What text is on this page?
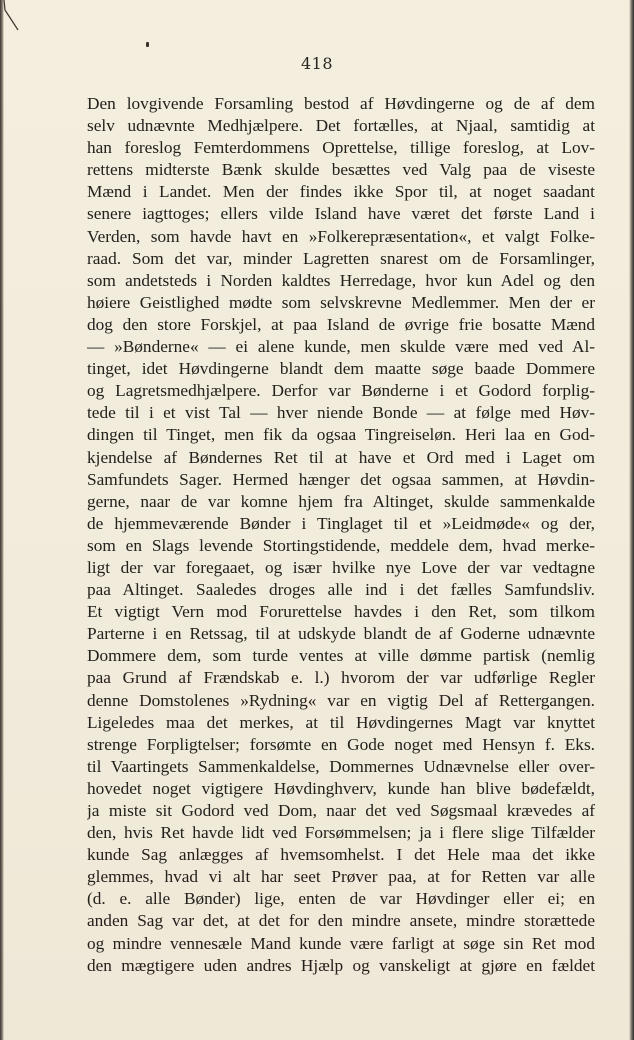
418
Den lovgivende Forsamling bestod af Høvdingerne og de af dem
selv udnævnte Medhjælpere. Det fortælles, at Njaal, samtidig at
han foreslog Femterdommens Oprettelse, tillige foreslog, at Lov-
rettens midterste Bænk skulde besættes ved Valg paa de viseste
Mænd i Landet. Men der findes ikke Spor til, at noget saadant
senere iagttoges; ellers vilde Island have været det første Land i
Verden, som havde havt en »Folkerepræsentation«, et valgt Folke-
raad. Som det var, minder Lagretten snarest om de Forsamlinger,
som andetsteds i Norden kaldtes Herredage, hvor kun Adel og den
høiere Geistlighed mødte som selvskrevne Medlemmer. Men der er
dog den store Forskjel, at paa Island de øvrige frie bosatte Mænd
— »Bønderne« — ei alene kunde, men skulde være med ved Al-
tinget, idet Høvdingerne blandt dem maatte søge baade Dommere
og Lagretsmedhjælpere. Derfor var Bønderne i et Godord forplig-
tede til i et vist Tal — hver niende Bonde — at følge med Høv-
dingen til Tinget, men fik da ogsaa Tingreiseløn. Heri laa en God-
kjendelse af Bøndernes Ret til at have et Ord med i Laget om
Samfundets Sager. Hermed hænger det ogsaa sammen, at Høvdin-
gerne, naar de var komne hjem fra Altinget, skulde sammenkalde
de hjemmeværende Bønder i Tinglaget til et »Leidmøde« og der,
som en Slags levende Stortingstidende, meddele dem, hvad merke-
ligt der var foregaaet, og især hvilke nye Love der var vedtagne
paa Altinget. Saaledes droges alle ind i det fælles Samfundsliv.
Et vigtigt Vern mod Forurettelse havdes i den Ret, som tilkom
Parterne i en Retssag, til at udskyde blandt de af Goderne udnævnte
Dommere dem, som turde ventes at ville dømme partisk (nemlig
paa Grund af Frændskab e. l.) hvorom der var udførlige Regler
denne Domstolenes »Rydning« var en vigtig Del af Rettergangen.
Ligeledes maa det merkes, at til Høvdingernes Magt var knyttet
strenge Forpligtelser; forsømte en Gode noget med Hensyn f. Eks.
til Vaartingets Sammenkaldelse, Dommernes Udnævnelse eller over-
hovedet noget vigtigere Høvdinghverv, kunde han blive bødefældt,
ja miste sit Godord ved Dom, naar det ved Søgsmaal krævedes af
den, hvis Ret havde lidt ved Forsømmelsen; ja i flere slige Tilfælder
kunde Sag anlægges af hvemsomhelst. I det Hele maa det ikke
glemmes, hvad vi alt har seet Prøver paa, at for Retten var alle
(d. e. alle Bønder) lige, enten de var Høvdinger eller ei; en
anden Sag var det, at det for den mindre ansete, mindre storættede
og mindre vennesæle Mand kunde være farligt at søge sin Ret mod
den mægtigere uden andres Hjælp og vanskeligt at gjøre en fældet
